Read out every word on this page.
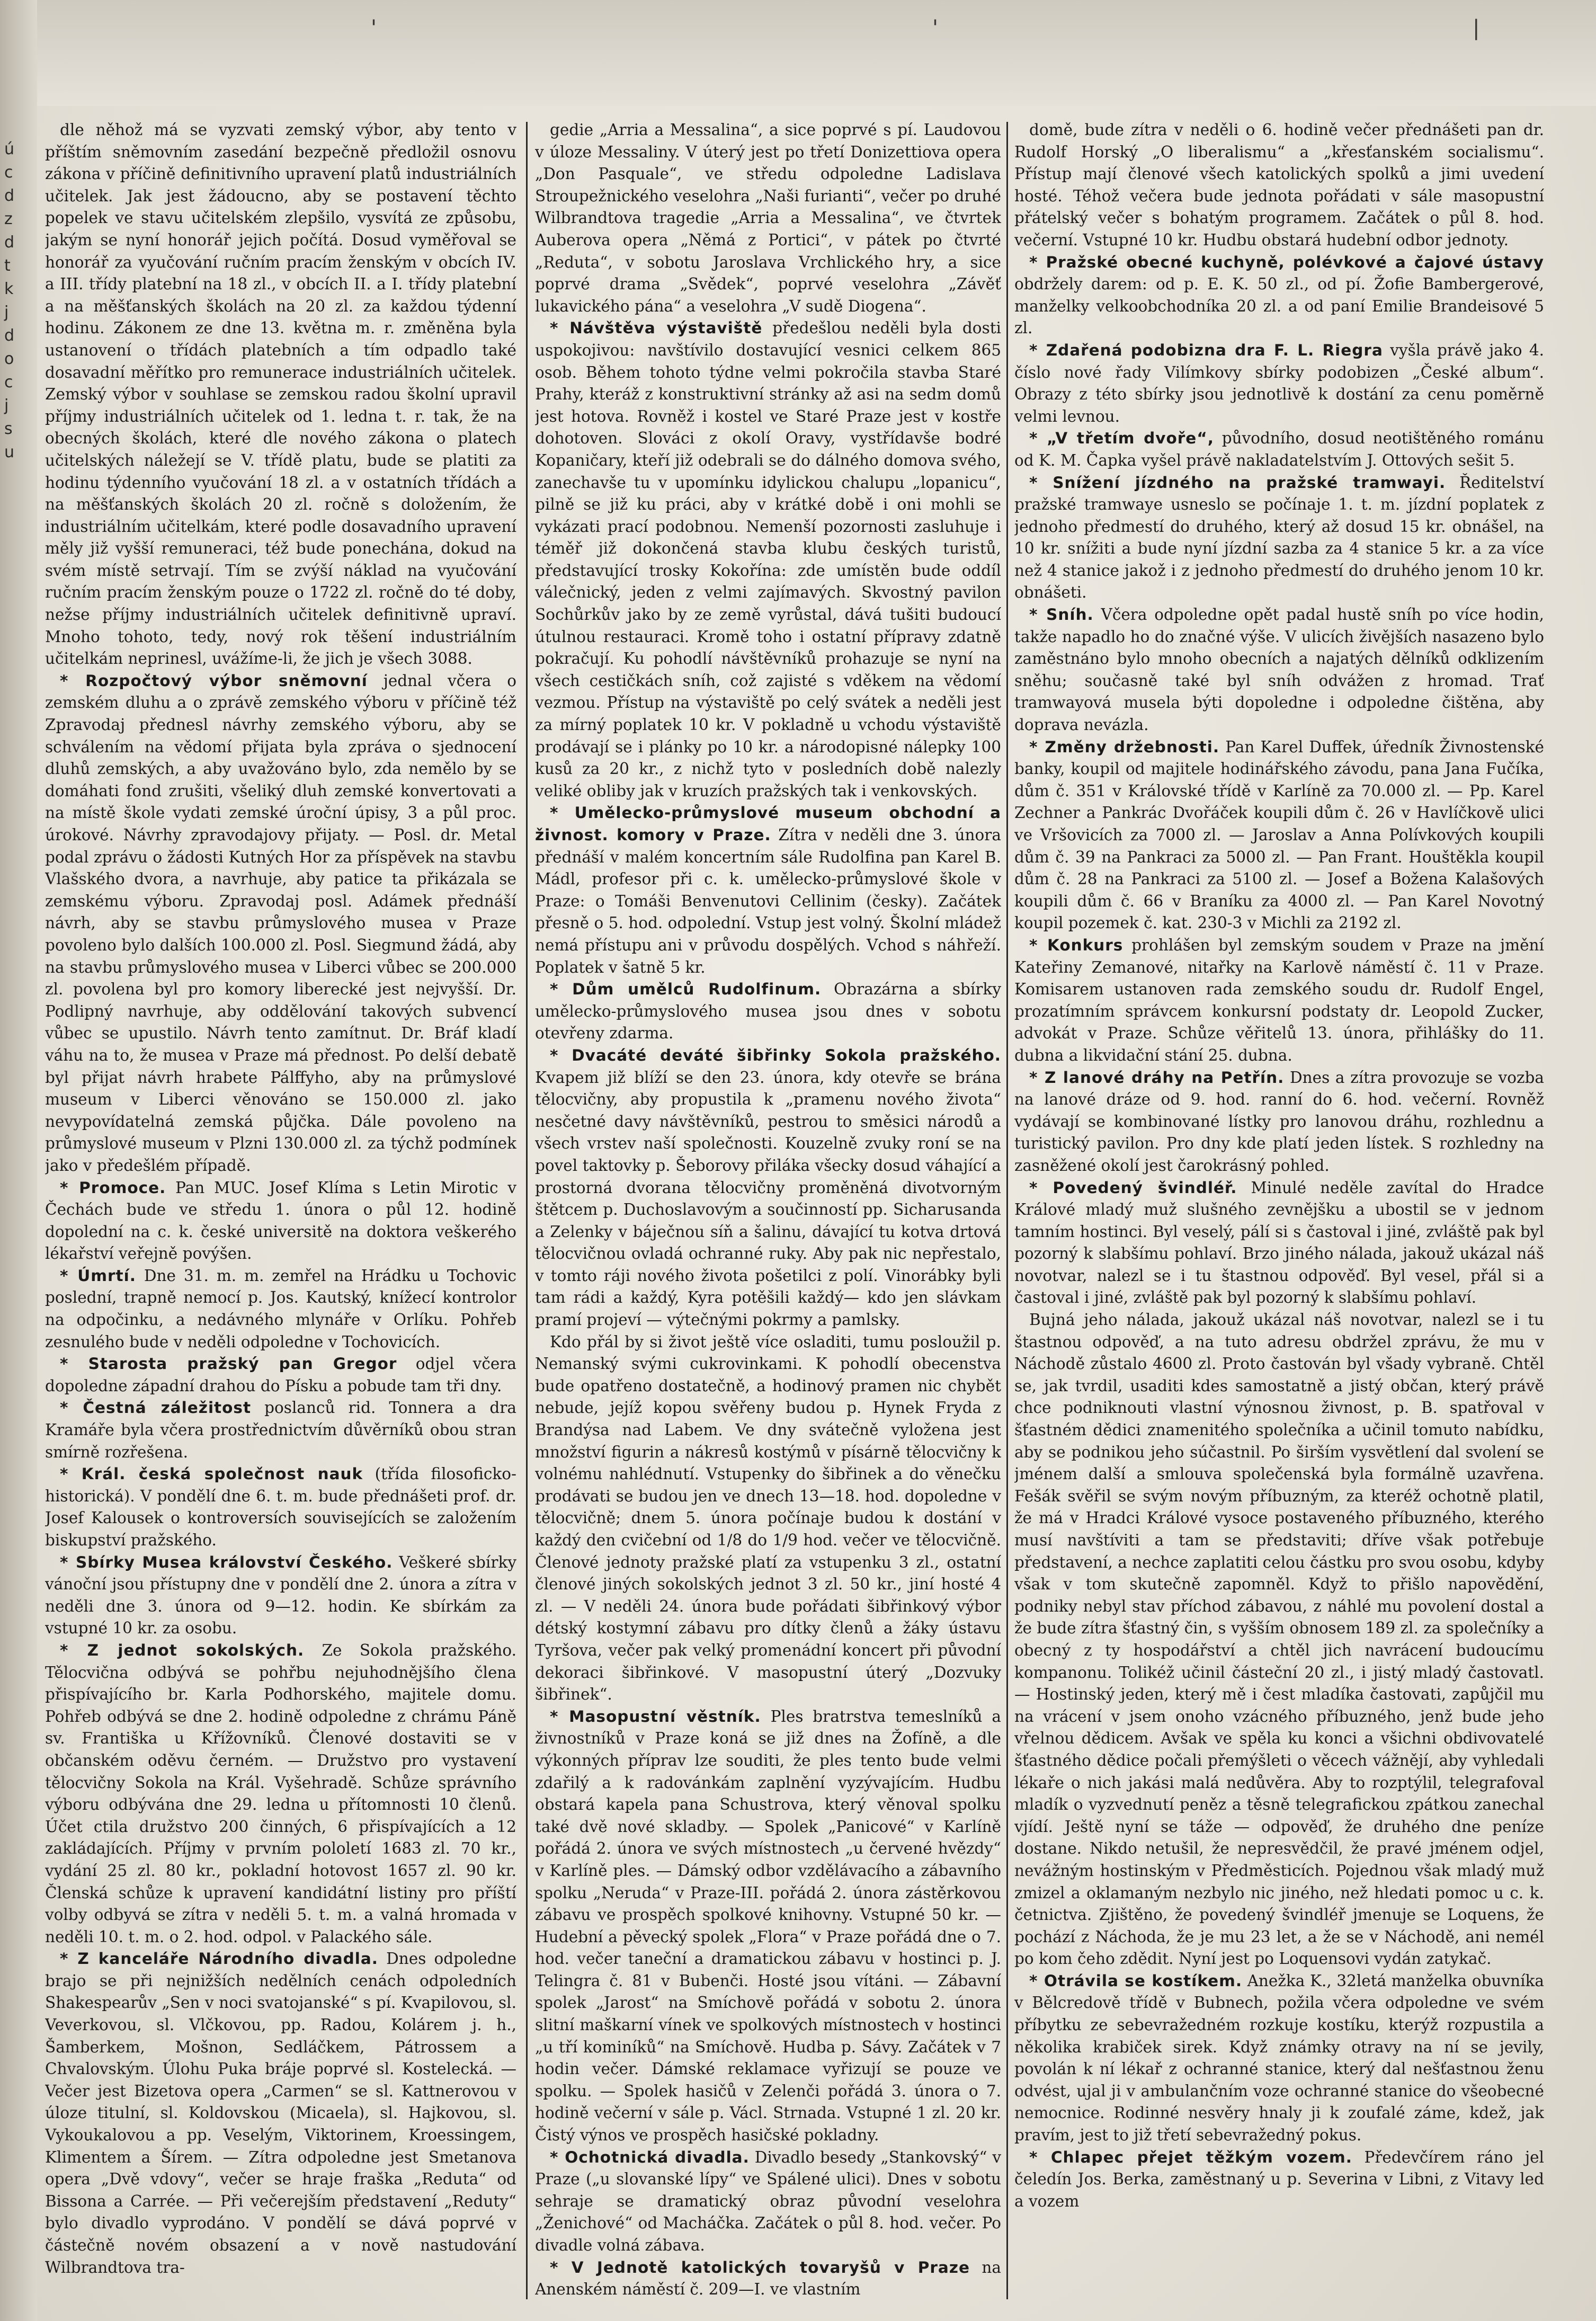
ú
c
d
z
d
t
k
j
d
o
c
j
s
u
'	'	|

dle něhož má se vyzvati zemský výbor, aby tento v příštím sněmovním zasedání bezpečně předložil osnovu zákona v příčině definitivního upravení platů industriálních učitelek. Jak jest žádoucno, aby se postavení těchto popelek ve stavu učitelském zlepšilo, vysvítá ze způsobu, jakým se nyní honorář jejich počítá. Dosud vyměřoval se honorář za vyučování ručním pracím ženským v obcích IV. a III. třídy platební na 18 zl., v obcích II. a I. třídy platební a na měšťanských školách na 20 zl. za každou týdenní hodinu. Zákonem ze dne 13. května m. r. změněna byla ustanovení o třídách platebních a tím odpadlo také dosavadní měřítko pro remunerace industriálních učitelek. Zemský výbor v souhlase se zemskou radou školní upravil příjmy industriálních učitelek od 1. ledna t. r. tak, že na obecných školách, které dle nového zákona o platech učitelských náležejí se V. třídě platu, bude se platiti za hodinu týdenního vyučování 18 zl. a v ostatních třídách a na měšťanských školách 20 zl. ročně s doložením, že industriálním učitelkám, které podle dosavadního upravení měly již vyšší remuneraci, též bude ponechána, dokud na svém místě setrvají. Tím se zvýší náklad na vyučování ručním pracím ženským pouze o 1722 zl. ročně do té doby, nežse příjmy industriálních učitelek definitivně upraví. Mnoho tohoto, tedy, nový rok těšení industriálním učitelkám neprinesl, uvážíme-li, že jich je všech 3088.

* Rozpočtový výbor sněmovní jednal včera o zemském dluhu a o zprávě zemského výboru v příčině též Zpravodaj přednesl návrhy zemského výboru, aby se schválením na vědomí přijata byla zpráva o sjednocení dluhů zemských, a aby uvažováno bylo, zda nemělo by se domáhati fond zrušiti, všeliký dluh zemské konvertovati a na místě škole vydati zemské úroční úpisy, 3 a půl proc. úrokové. Návrhy zpravodajovy přijaty. — Posl. dr. Metal podal zprávu o žádosti Kutných Hor za příspěvek na stavbu Vlašského dvora, a navrhuje, aby patice ta přikázala se zemskému výboru. Zpravodaj posl. Adámek přednáší návrh, aby se stavbu průmyslového musea v Praze povoleno bylo dalších 100.000 zl. Posl. Siegmund žádá, aby na stavbu průmyslového musea v Liberci vůbec se 200.000 zl. povolena byl pro komory liberecké jest nejvyšší. Dr. Podlipný navrhuje, aby oddělování takových subvencí vůbec se upustilo. Návrh tento zamítnut. Dr. Bráf kladí váhu na to, že musea v Praze má přednost. Po delší debatě byl přijat návrh hrabete Pálffyho, aby na průmyslové museum v Liberci věnováno se 150.000 zl. jako nevypovídatelná zemská půjčka. Dále povoleno na průmyslové museum v Plzni 130.000 zl. za týchž podmínek jako v předešlém případě.

* Promoce. Pan MUC. Josef Klíma s Letin Mirotic v Čechách bude ve středu 1. února o půl 12. hodině dopolední na c. k. české universitě na doktora veškerého lékařství veřejně povýšen.

* Úmrtí. Dne 31. m. m. zemřel na Hrádku u Tochovic poslední, trapně nemocí p. Jos. Kautský, knížecí kontrolor na odpočinku, a nedávného mlynáře v Orlíku. Pohřeb zesnulého bude v neděli odpoledne v Tochovicích.

* Starosta pražský pan Gregor odjel včera dopoledne západní drahou do Písku a pobude tam tři dny.

* Čestná záležitost poslanců rid. Tonnera a dra Kramáře byla včera prostřednictvím důvěrníků obou stran smírně rozřešena.

* Král. česká společnost nauk (třída filosoficko-historická). V pondělí dne 6. t. m. bude přednášeti prof. dr. Josef Kalousek o kontroversích souvisejících se založením biskupství pražského.

* Sbírky Musea království Českého. Veškeré sbírky vánoční jsou přístupny dne v pondělí dne 2. února a zítra v neděli dne 3. února od 9—12. hodin. Ke sbírkám za vstupné 10 kr. za osobu.

* Z jednot sokolských. Ze Sokola pražského. Tělocvična odbývá se pohřbu nejuhodnějšího člena přispívajícího br. Karla Podhorského, majitele domu. Pohřeb odbývá se dne 2. hodině odpoledne z chrámu Páně sv. Františka u Křížovníků. Členové dostaviti se v občanském oděvu černém. — Družstvo pro vystavení tělocvičny Sokola na Král. Vyšehradě. Schůze správního výboru odbývána dne 29. ledna u přítomnosti 10 členů. Účet ctila družstvo 200 činných, 6 přispívajících a 12 zakládajících. Příjmy v prvním pololetí 1683 zl. 70 kr., vydání 25 zl. 80 kr., pokladní hotovost 1657 zl. 90 kr. Členská schůze k upravení kandidátní listiny pro příští volby odbyvá se zítra v neděli 5. t. m. a valná hromada v neděli 10. t. m. o 2. hod. odpol. v Palackého sále.

* Z kanceláře Národního divadla. Dnes odpoledne brajo se při nejnižších nedělních cenách odpoledních Shakespearův „Sen v noci svatojanské“ s pí. Kvapilovou, sl. Veverkovou, sl. Vlčkovou, pp. Radou, Kolárem j. h., Šamberkem, Mošnon, Sedláčkem, Pátrossem a Chvalovským. Úlohu Puka bráje poprvé sl. Kostelecká. — Večer jest Bizetova opera „Carmen“ se sl. Kattnerovou v úloze titulní, sl. Koldovskou (Micaela), sl. Hajkovou, sl. Vykoukalovou a pp. Veselým, Viktorinem, Kroessingem, Klimentem a Šírem. — Zítra odpoledne jest Smetanova opera „Dvě vdovy“, večer se hraje fraška „Reduta“ od Bissona a Carrée. — Při večerejším představení „Reduty“ bylo divadlo vyprodáno. V pondělí se dává poprvé v částečně novém obsazení a v nově nastudování Wilbrandtova tra-

gedie „Arria a Messalina“, a sice poprvé s pí. Laudovou v úloze Messaliny. V úterý jest po třetí Donizettiova opera „Don Pasquale“, ve středu odpoledne Ladislava Stroupežnického veselohra „Naši furianti“, večer po druhé Wilbrandtova tragedie „Arria a Messalina“, ve čtvrtek Auberova opera „Němá z Portici“, v pátek po čtvrté „Reduta“, v sobotu Jaroslava Vrchlického hry, a sice poprvé drama „Svědek“, poprvé veselohra „Závěť lukavického pána“ a veselohra „V sudě Diogena“.

* Návštěva výstaviště předešlou neděli byla dosti uspokojivou: navštívilo dostavující vesnici celkem 865 osob. Během tohoto týdne velmi pokročila stavba Staré Prahy, kteráž z konstruktivní stránky až asi na sedm domů jest hotova. Rovněž i kostel ve Staré Praze jest v kostře dohotoven. Slováci z okolí Oravy, vystřídavše bodré Kopaničary, kteří již odebrali se do dálného domova svého, zanechavše tu v upomínku idylickou chalupu „lopanicu“, pilně se již ku práci, aby v krátké době i oni mohli se vykázati prací podobnou. Nemenší pozornosti zasluhuje i téměř již dokončená stavba klubu českých turistů, představující trosky Kokořína: zde umístěn bude oddíl válečnický, jeden z velmi zajímavých. Skvostný pavilon Sochůrkův jako by ze země vyrůstal, dává tušiti budoucí útulnou restauraci. Kromě toho i ostatní přípravy zdatně pokračují. Ku pohodlí návštěvníků prohazuje se nyní na všech cestičkách sníh, což zajisté s vděkem na vědomí vezmou. Přístup na výstaviště po celý svátek a neděli jest za mírný poplatek 10 kr. V pokladně u vchodu výstaviště prodávají se i plánky po 10 kr. a národopisné nálepky 100 kusů za 20 kr., z nichž tyto v posledních době nalezly veliké obliby jak v kruzích pražských tak i venkovských.

* Umělecko-průmyslové museum obchodní a živnost. komory v Praze. Zítra v neděli dne 3. února přednáší v malém koncertním sále Rudolfina pan Karel B. Mádl, profesor při c. k. umělecko-průmyslové škole v Praze: o Tomáši Benvenutovi Cellinim (česky). Začátek přesně o 5. hod. odpolední. Vstup jest volný. Školní mládež nemá přístupu ani v průvodu dospělých. Vchod s náhřeží. Poplatek v šatně 5 kr.

* Dům umělců Rudolfinum. Obrazárna a sbírky umělecko-průmyslového musea jsou dnes v sobotu otevřeny zdarma.

* Dvacáté deváté šibřinky Sokola pražského. Kvapem již blíží se den 23. února, kdy otevře se brána tělocvičny, aby propustila k „pramenu nového života“ nesčetné davy návštěvníků, pestrou to směsici národů a všech vrstev naší společnosti. Kouzelně zvuky roní se na povel taktovky p. Šeborovy přiláka všecky dosud váhající a prostorná dvorana tělocvičny proměněná divotvorným štětcem p. Duchoslavovým a součinností pp. Sicharusanda a Zelenky v báječnou síň a šalinu, dávající tu kotva drtová tělocvičnou ovladá ochranné ruky. Aby pak nic nepřestalo, v tomto ráji nového života pošetilci z polí. Vinorábky byli tam rádi a každý, Kyra potěšili každý— kdo jen slávkam pramí projeví — výtečnými pokrmy a pamlsky.

Kdo přál by si život ještě více osladiti, tumu posloužil p. Nemanský svými cukrovinkami. K pohodlí obecenstva bude opatřeno dostatečně, a hodinový pramen nic chybět nebude, jejíž kopou svěřeny budou p. Hynek Fryda z Brandýsa nad Labem. Ve dny svátečně vyložena jest množství figurin a nákresů kostýmů v písárně tělocvičny k volnému nahlédnutí. Vstupenky do šibřinek a do věnečku prodávati se budou jen ve dnech 13—18. hod. dopoledne v tělocvičně; dnem 5. února počínaje budou k dostání v každý den cvičební od 1/8 do 1/9 hod. večer ve tělocvičně. Členové jednoty pražské platí za vstupenku 3 zl., ostatní členové jiných sokolských jednot 3 zl. 50 kr., jiní hosté 4 zl. — V neděli 24. února bude pořádati šibřinkový výbor détský kostymní zábavu pro dítky členů a žáky ústavu Tyršova, večer pak velký promenádní koncert při původní dekoraci šibřinkové. V masopustní úterý „Dozvuky šibřinek“.

* Masopustní věstník. Ples bratrstva temeslníků a živnostníků v Praze koná se již dnes na Žofíně, a dle výkonných příprav lze souditi, že ples tento bude velmi zdařilý a k radovánkám zaplnění vyzývajícím. Hudbu obstará kapela pana Schustrova, který věnoval spolku také dvě nové skladby. — Spolek „Panicové“ v Karlíně pořádá 2. února ve svých místnostech „u červené hvězdy“ v Karlíně ples. — Dámský odbor vzdělávacího a zábavního spolku „Neruda“ v Praze-III. pořádá 2. února zástěrkovou zábavu ve prospěch spolkové knihovny. Vstupné 50 kr. — Hudební a pěvecký spolek „Flora“ v Praze pořádá dne o 7. hod. večer taneční a dramatickou zábavu v hostinci p. J. Telingra č. 81 v Bubenči. Hosté jsou vítáni. — Zábavní spolek „Jarost“ na Smíchově pořádá v sobotu 2. února slitní maškarní vínek ve spolkových místnostech v hostinci „u tří kominíků“ na Smíchově. Hudba p. Sávy. Začátek v 7 hodin večer. Dámské reklamace vyřizují se pouze ve spolku. — Spolek hasičů v Zelenči pořádá 3. února o 7. hodině večerní v sále p. Václ. Strnada. Vstupné 1 zl. 20 kr. Čistý výnos ve prospěch hasičské pokladny.

* Ochotnická divadla. Divadlo besedy „Stankovský“ v Praze („u slovanské lípy“ ve Spálené ulici). Dnes v sobotu sehraje se dramatický obraz původní veselohra „Ženichové“ od Macháčka. Začátek o půl 8. hod. večer. Po divadle volná zábava.

* V Jednotě katolických tovaryšů v Praze na Anenském náměstí č. 209—I. ve vlastním

domě, bude zítra v neděli o 6. hodině večer přednášeti pan dr. Rudolf Horský „O liberalismu“ a „křesťanském socialismu“. Přístup mají členové všech katolických spolků a jimi uvedení hosté. Téhož večera bude jednota pořádati v sále masopustní přátelský večer s bohatým programem. Začátek o půl 8. hod. večerní. Vstupné 10 kr. Hudbu obstará hudební odbor jednoty.

* Pražské obecné kuchyně, polévkové a čajové ústavy obdržely darem: od p. E. K. 50 zl., od pí. Žofie Bambergerové, manželky velkoobchodníka 20 zl. a od paní Emilie Brandeisové 5 zl.

* Zdařená podobizna dra F. L. Riegra vyšla právě jako 4. číslo nové řady Vilímkovy sbírky podobizen „České album“. Obrazy z této sbírky jsou jednotlivě k dostání za cenu poměrně velmi levnou.

* „V třetím dvoře“, původního, dosud neotištěného románu od K. M. Čapka vyšel právě nakladatelstvím J. Ottových sešit 5.

* Snížení jízdného na pražské tramwayi. Ředitelství pražské tramwaye usneslo se počínaje 1. t. m. jízdní poplatek z jednoho předmestí do druhého, který až dosud 15 kr. obnášel, na 10 kr. snížiti a bude nyní jízdní sazba za 4 stanice 5 kr. a za více než 4 stanice jakož i z jednoho předmestí do druhého jenom 10 kr. obnášeti.

* Sníh. Včera odpoledne opět padal hustě sníh po více hodin, takže napadlo ho do značné výše. V ulicích živějších nasazeno bylo zaměstnáno bylo mnoho obecních a najatých dělníků odklizením sněhu; současně také byl sníh odvážen z hromad. Trať tramwayová musela býti dopoledne i odpoledne čištěna, aby doprava nevázla.

* Změny držebnosti. Pan Karel Duffek, úředník Živnostenské banky, koupil od majitele hodinářského závodu, pana Jana Fučíka, dům č. 351 v Královské třídě v Karlíně za 70.000 zl. — Pp. Karel Zechner a Pankrác Dvořáček koupili dům č. 26 v Havlíčkově ulici ve Vršovicích za 7000 zl. — Jaroslav a Anna Polívkových koupili dům č. 39 na Pankraci za 5000 zl. — Pan Frant. Houštěkla koupil dům č. 28 na Pankraci za 5100 zl. — Josef a Božena Kalašových koupili dům č. 66 v Braníku za 4000 zl. — Pan Karel Novotný koupil pozemek č. kat. 230-3 v Michli za 2192 zl.

* Konkurs prohlášen byl zemským soudem v Praze na jmění Kateřiny Zemanové, nitařky na Karlově náměstí č. 11 v Praze. Komisarem ustanoven rada zemského soudu dr. Rudolf Engel, prozatímním správcem konkursní podstaty dr. Leopold Zucker, advokát v Praze. Schůze věřitelů 13. února, přihlášky do 11. dubna a likvidační stání 25. dubna.

* Z lanové dráhy na Petřín. Dnes a zítra provozuje se vozba na lanové dráze od 9. hod. ranní do 6. hod. večerní. Rovněž vydávají se kombinované lístky pro lanovou dráhu, rozhlednu a turistický pavilon. Pro dny kde platí jeden lístek. S rozhledny na zasněžené okolí jest čarokrásný pohled.

* Povedený švindléř. Minulé neděle zavítal do Hradce Králové mladý muž slušného zevnějšku a ubostil se v jednom tamním hostinci. Byl veselý, pálí si s častoval i jiné, zvláště pak byl pozorný k slabšímu pohlaví. Brzo jiného nálada, jakouž ukázal náš novotvar, nalezl se i tu štastnou odpověď. Byl vesel, přál si a častoval i jiné, zvláště pak byl pozorný k slabšímu pohlaví.

Bujná jeho nálada, jakouž ukázal náš novotvar, nalezl se i tu štastnou odpověď, a na tuto adresu obdržel zprávu, že mu v Náchodě zůstalo 4600 zl. Proto častován byl všady vybraně. Chtěl se, jak tvrdil, usaditi kdes samostatně a jistý občan, který právě chce podniknouti vlastní výnosnou živnost, p. B. spatřoval v šťastném dědici znamenitého společníka a učinil tomuto nabídku, aby se podnikou jeho súčastnil. Po širším vysvětlení dal svolení se jménem další a smlouva společenská byla formálně uzavřena. Fešák svěřil se svým novým příbuzným, za kteréž ochotně platil, že má v Hradci Králové vysoce postaveného příbuzného, kterého musí navštíviti a tam se představiti; dříve však potřebuje představení, a nechce zaplatiti celou částku pro svou osobu, kdyby však v tom skutečně zapomněl. Když to přišlo napovědění, podniky nebyl stav příchod zábavou, z náhlé mu povolení dostal a že bude zítra šťastný čin, s vyšším obnosem 189 zl. za společníky a obecný z ty hospodářství a chtěl jich navrácení budoucímu kompanonu. Tolikéž učinil částeční 20 zl., i jistý mladý častovatl. — Hostinský jeden, který mě i čest mladíka častovati, zapůjčil mu na vrácení v jsem onoho vzácného příbuzného, jenž bude jeho vřelnou dědicem. Avšak ve spěla ku konci a všichni obdivovatelé šťastného dědice počali přemýšleti o věcech vážnějí, aby vyhledali lékaře o nich jakási malá nedůvěra. Aby to rozptýlil, telegrafoval mladík o vyzvednutí peněz a těsně telegrafickou zpátkou zanechal vjídí. Ještě nyní se táže — odpověď, že druhého dne peníze dostane. Nikdo netušil, že nepresvědčil, že pravé jménem odjel, nevážným hostinským v Předměsticích. Pojednou však mladý muž zmizel a oklamaným nezbylo nic jiného, než hledati pomoc u c. k. četnictva. Zjištěno, že povedený švindléř jmenuje se Loquens, že pochází z Náchoda, že je mu 23 let, a že se v Náchodě, ani nemél po kom čeho zdědit. Nyní jest po Loquensovi vydán zatykač.

* Otrávila se kostíkem. Anežka K., 32letá manželka obuvníka v Bělcredově třídě v Bubnech, požila včera odpoledne ve svém příbytku ze sebevražedném rozkuje kostíku, kterýž rozpustila a několika krabiček sirek. Když známky otravy na ní se jevily, povolán k ní lékař z ochranné stanice, který dal nešťastnou ženu odvést, ujal ji v ambulančním voze ochranné stanice do všeobecné nemocnice. Rodinné nesvěry hnaly ji k zoufalé záme, kdež, jak pravím, jest to již třetí sebevražedný pokus.

* Chlapec přejet těžkým vozem. Předevčírem ráno jel čeledín Jos. Berka, zaměstnaný u p. Severina v Libni, z Vitavy led a vozem
